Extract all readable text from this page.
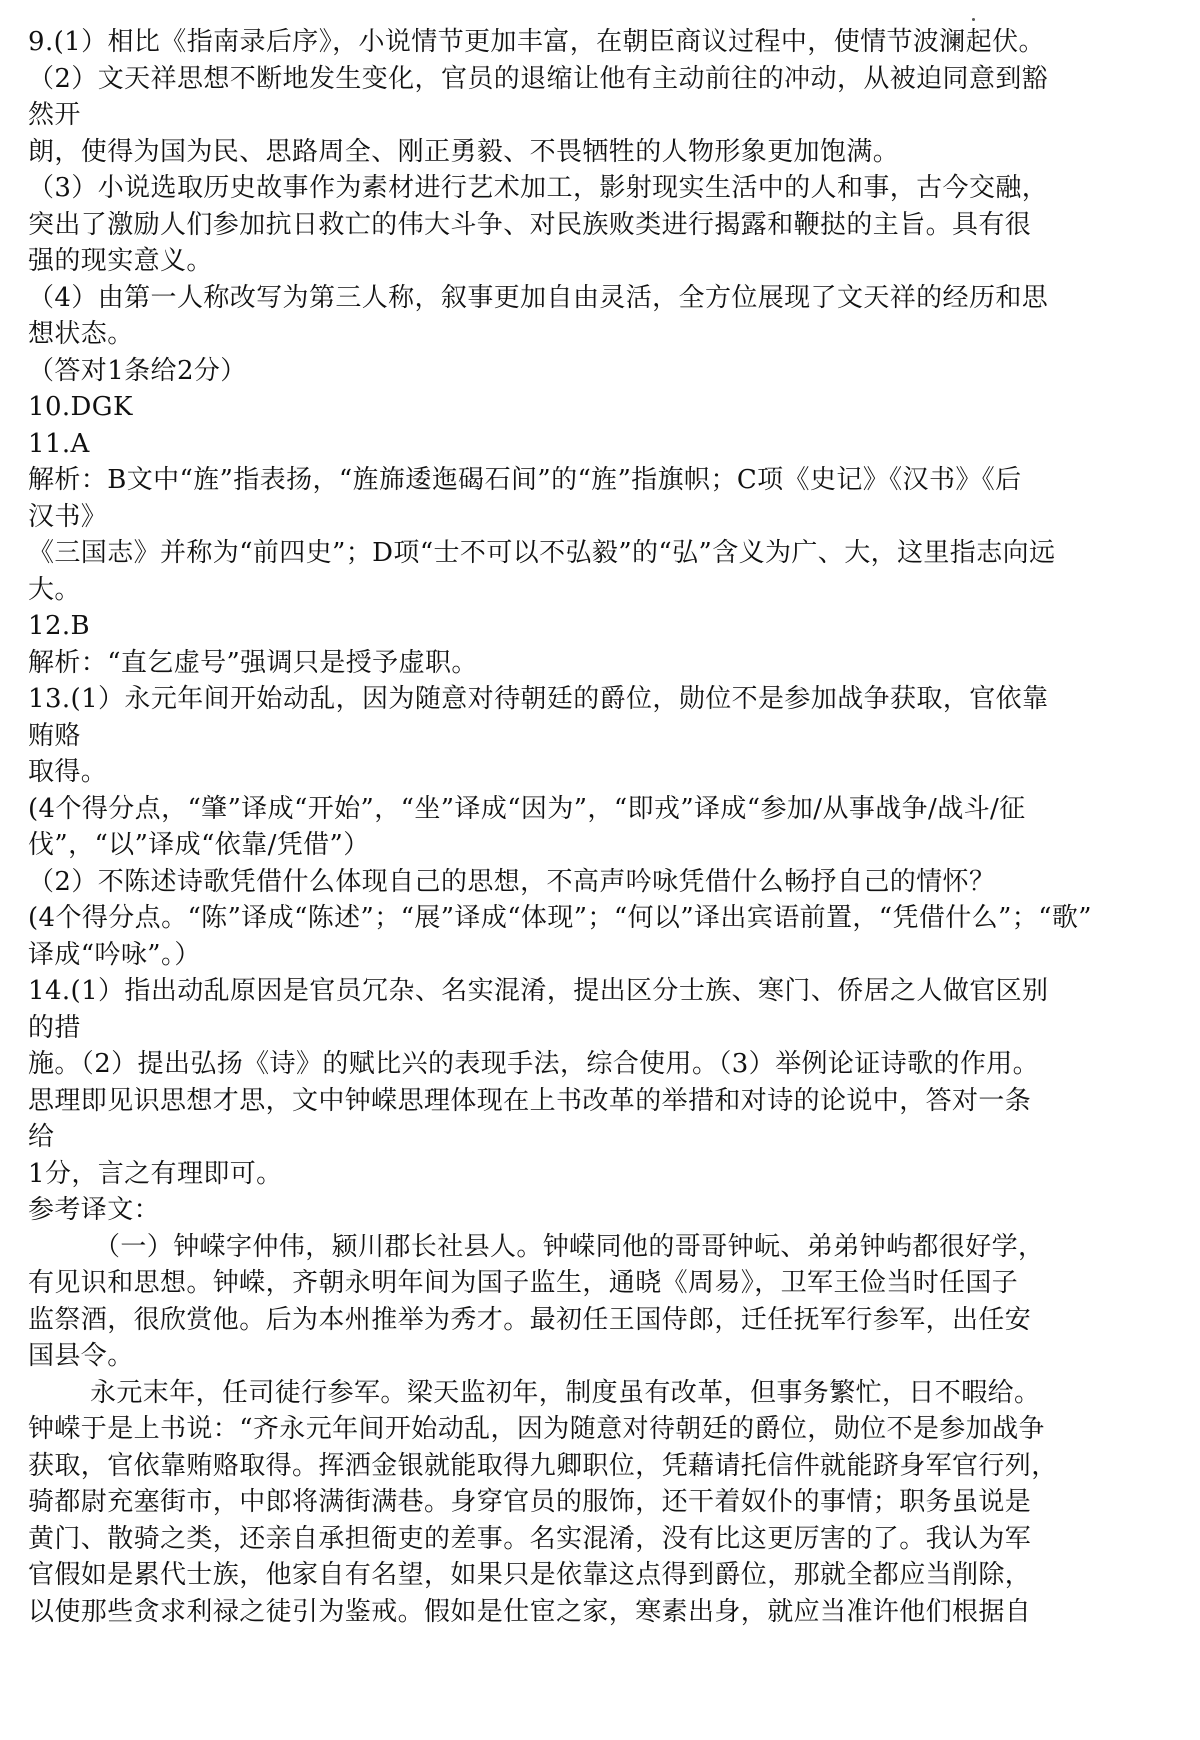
9.(1）相比《指南录后序》，小说情节更加丰富，在朝臣商议过程中，使情节波澜起伏。
（2）文天祥思想不断地发生变化，官员的退缩让他有主动前往的冲动，从被迫同意到豁
然开
朗，使得为国为民、思路周全、刚正勇毅、不畏牺牲的人物形象更加饱满。
（3）小说选取历史故事作为素材进行艺术加工，影射现实生活中的人和事，古今交融，
突出了激励人们参加抗日救亡的伟大斗争、对民族败类进行揭露和鞭挞的主旨。具有很
强的现实意义。
（4）由第一人称改写为第三人称，叙事更加自由灵活，全方位展现了文天祥的经历和思
想状态。
（答对1条给2分）
10.DGK
11.A
解析：B文中“旌”指表扬，“旌旆逶迤碣石间”的“旌”指旗帜；C项《史记》《汉书》《后
汉书》
《三国志》并称为“前四史”；D项“士不可以不弘毅”的“弘”含义为广、大，这里指志向远
大。
12.B
解析：“直乞虚号”强调只是授予虚职。
13.(1）永元年间开始动乱，因为随意对待朝廷的爵位，勋位不是参加战争获取，官依靠
贿赂
取得。
(4个得分点，“肇”译成“开始”，“坐”译成“因为”，“即戎”译成“参加/从事战争/战斗/征
伐”，“以”译成“依靠/凭借”）
（2）不陈述诗歌凭借什么体现自己的思想，不高声吟咏凭借什么畅抒自己的情怀？
(4个得分点。“陈”译成“陈述”；“展”译成“体现”；“何以”译出宾语前置，“凭借什么”；“歌”
译成“吟咏”。）
14.(1）指出动乱原因是官员冗杂、名实混淆，提出区分士族、寒门、侨居之人做官区别
的措
施。（2）提出弘扬《诗》的赋比兴的表现手法，综合使用。（3）举例论证诗歌的作用。
思理即见识思想才思，文中钟嵘思理体现在上书改革的举措和对诗的论说中，答对一条
给
1分，言之有理即可。
参考译文：
（一）钟嵘字仲伟，颍川郡长社县人。钟嵘同他的哥哥钟岏、弟弟钟屿都很好学，
有见识和思想。钟嵘，齐朝永明年间为国子监生，通晓《周易》，卫军王俭当时任国子
监祭酒，很欣赏他。后为本州推举为秀才。最初任王国侍郎，迁任抚军行参军，出任安
国县令。
永元末年，任司徒行参军。梁天监初年，制度虽有改革，但事务繁忙，日不暇给。
钟嵘于是上书说：“齐永元年间开始动乱，因为随意对待朝廷的爵位，勋位不是参加战争
获取，官依靠贿赂取得。挥洒金银就能取得九卿职位，凭藉请托信件就能跻身军官行列，
骑都尉充塞街市，中郎将满街满巷。身穿官员的服饰，还干着奴仆的事情；职务虽说是
黄门、散骑之类，还亲自承担衙吏的差事。名实混淆，没有比这更厉害的了。我认为军
官假如是累代士族，他家自有名望，如果只是依靠这点得到爵位，那就全都应当削除，
以使那些贪求利禄之徒引为鉴戒。假如是仕宦之家，寒素出身，就应当准许他们根据自
